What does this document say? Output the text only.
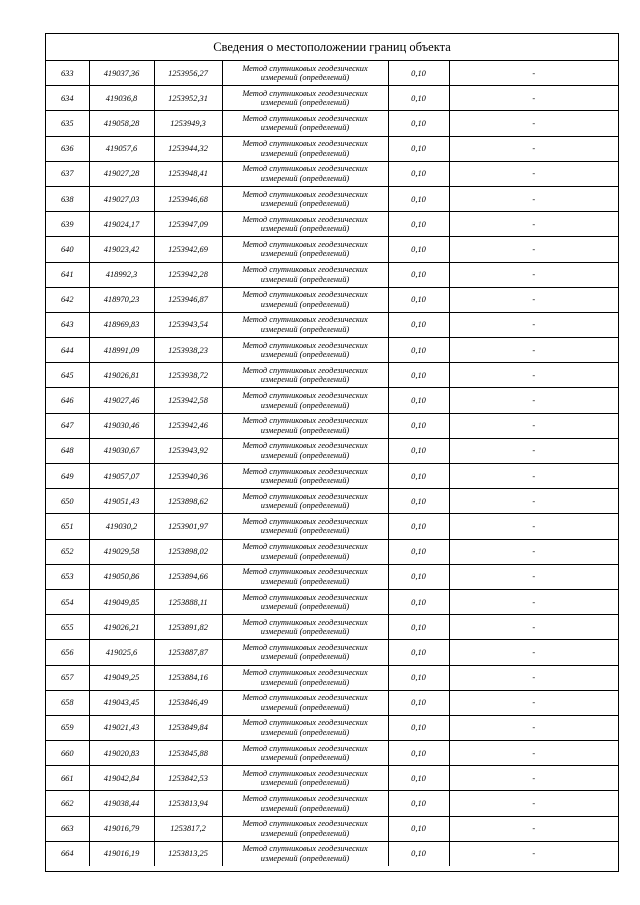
Сведения о местоположении границ объекта
633	419037,36	1253956,27	Метод спутниковых геодезических
измерений (определений)	0,10	-
634	419036,8	1253952,31	Метод спутниковых геодезических
измерений (определений)	0,10	-
635	419058,28	1253949,3	Метод спутниковых геодезических
измерений (определений)	0,10	-
636	419057,6	1253944,32	Метод спутниковых геодезических
измерений (определений)	0,10	-
637	419027,28	1253948,41	Метод спутниковых геодезических
измерений (определений)	0,10	-
638	419027,03	1253946,68	Метод спутниковых геодезических
измерений (определений)	0,10	-
639	419024,17	1253947,09	Метод спутниковых геодезических
измерений (определений)	0,10	-
640	419023,42	1253942,69	Метод спутниковых геодезических
измерений (определений)	0,10	-
641	418992,3	1253942,28	Метод спутниковых геодезических
измерений (определений)	0,10	-
642	418970,23	1253946,87	Метод спутниковых геодезических
измерений (определений)	0,10	-
643	418969,83	1253943,54	Метод спутниковых геодезических
измерений (определений)	0,10	-
644	418991,09	1253938,23	Метод спутниковых геодезических
измерений (определений)	0,10	-
645	419026,81	1253938,72	Метод спутниковых геодезических
измерений (определений)	0,10	-
646	419027,46	1253942,58	Метод спутниковых геодезических
измерений (определений)	0,10	-
647	419030,46	1253942,46	Метод спутниковых геодезических
измерений (определений)	0,10	-
648	419030,67	1253943,92	Метод спутниковых геодезических
измерений (определений)	0,10	-
649	419057,07	1253940,36	Метод спутниковых геодезических
измерений (определений)	0,10	-
650	419051,43	1253898,62	Метод спутниковых геодезических
измерений (определений)	0,10	-
651	419030,2	1253901,97	Метод спутниковых геодезических
измерений (определений)	0,10	-
652	419029,58	1253898,02	Метод спутниковых геодезических
измерений (определений)	0,10	-
653	419050,86	1253894,66	Метод спутниковых геодезических
измерений (определений)	0,10	-
654	419049,85	1253888,11	Метод спутниковых геодезических
измерений (определений)	0,10	-
655	419026,21	1253891,82	Метод спутниковых геодезических
измерений (определений)	0,10	-
656	419025,6	1253887,87	Метод спутниковых геодезических
измерений (определений)	0,10	-
657	419049,25	1253884,16	Метод спутниковых геодезических
измерений (определений)	0,10	-
658	419043,45	1253846,49	Метод спутниковых геодезических
измерений (определений)	0,10	-
659	419021,43	1253849,84	Метод спутниковых геодезических
измерений (определений)	0,10	-
660	419020,83	1253845,88	Метод спутниковых геодезических
измерений (определений)	0,10	-
661	419042,84	1253842,53	Метод спутниковых геодезических
измерений (определений)	0,10	-
662	419038,44	1253813,94	Метод спутниковых геодезических
измерений (определений)	0,10	-
663	419016,79	1253817,2	Метод спутниковых геодезических
измерений (определений)	0,10	-
664	419016,19	1253813,25	Метод спутниковых геодезических
измерений (определений)	0,10	-
